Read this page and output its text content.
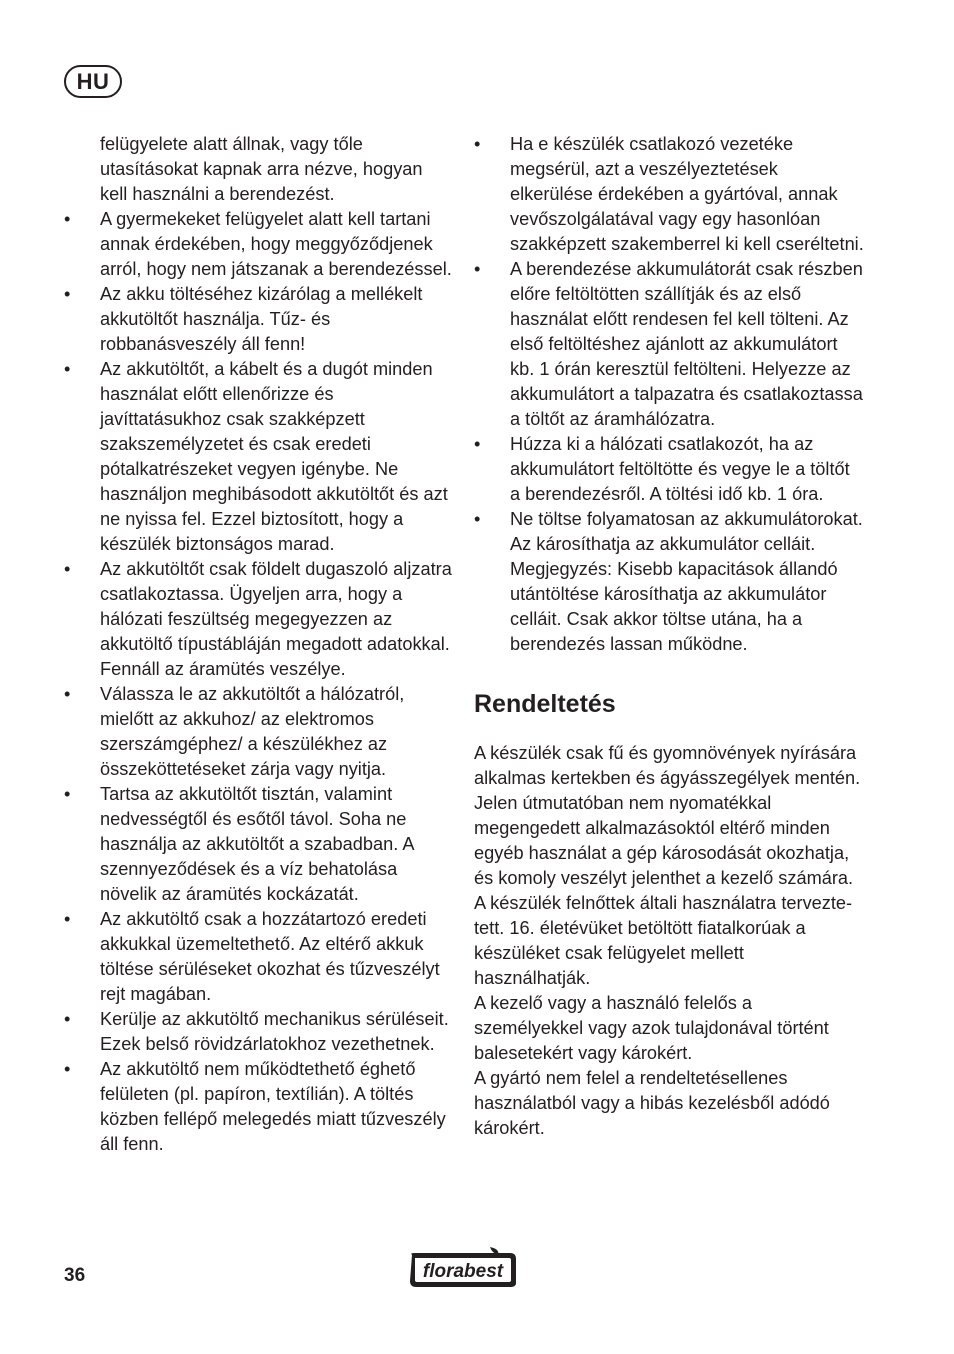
HU

felügyelete alatt állnak, vagy tőle utasításokat kapnak arra nézve, hogyan kell használni a berendezést.

• A gyermekeket felügyelet alatt kell tartani annak érdekében, hogy meggyőződjenek arról, hogy nem játszanak a berendezéssel.

• Az akku töltéséhez kizárólag a mellékelt akkutöltőt használja. Tűz- és robbanásveszély áll fenn!

• Az akkutöltőt, a kábelt és a dugót minden használat előtt ellenőrizze és javíttatásukhoz csak szakképzett szakszemélyzetet és csak eredeti pótalkatrészeket vegyen igénybe. Ne használjon meghibásodott akkutöltőt és azt ne nyissa fel. Ezzel biztosított, hogy a készülék biztonságos marad.

• Az akkutöltőt csak földelt dugaszoló aljzatra csatlakoztassa. Ügyeljen arra, hogy a hálózati feszültség megegyezzen az akkutöltő típustábláján megadott adatokkal. Fennáll az áramütés veszélye.

• Válassza le az akkutöltőt a hálózatról, mielőtt az akkuhoz/ az elektromos szerszámgéphez/ a készülékhez az összeköttetéseket zárja vagy nyitja.

• Tartsa az akkutöltőt tisztán, valamint nedvességtől és esőtől távol. Soha ne használja az akkutöltőt a szabadban. A szennyeződések és a víz behatolása növelik az áramütés kockázatát.

• Az akkutöltő csak a hozzátartozó eredeti akkukkal üzemeltethető. Az eltérő akkuk töltése sérüléseket okozhat és tűzveszélyt rejt magában.

• Kerülje az akkutöltő mechanikus sérüléseit. Ezek belső rövidzárlatokhoz vezethetnek.

• Az akkutöltő nem működtethető éghető felületen (pl. papíron, textílián). A töltés közben fellépő melegedés miatt tűzveszély áll fenn.

• Ha e készülék csatlakozó vezetéke megsérül, azt a veszélyeztetések elkerülése érdekében a gyártóval, annak vevőszolgálatával vagy egy hasonlóan szakképzett szakemberrel ki kell cseréltetni.

• A berendezése akkumulátorát csak részben előre feltöltötten szállítják és az első használat előtt rendesen fel kell tölteni. Az első feltöltéshez ajánlott az akkumulátort kb. 1 órán keresztül feltölteni. Helyezze az akkumulátort a talpazatra és csatlakoztassa a töltőt az áramhálózatra.

• Húzza ki a hálózati csatlakozót, ha az akkumulátort feltöltötte és vegye le a töltőt a berendezésről. A töltési idő kb. 1 óra.

• Ne töltse folyamatosan az akkumulátorokat. Az károsíthatja az akkumulátor celláit. Megjegyzés: Kisebb kapacitások állandó utántöltése károsíthatja az akkumulátor celláit. Csak akkor töltse utána, ha a berendezés lassan működne.

Rendeltetés

A készülék csak fű és gyomnövények nyírására alkalmas kertekben és ágyásszegélyek mentén.

Jelen útmutatóban nem nyomatékkal megengedett alkalmazásoktól eltérő minden egyéb használat a gép károsodását okozhatja, és komoly veszélyt jelenthet a kezelő számára. A készülék felnőttek általi használatra terveztetett. 16. életévüket betöltött fiatalkorúak a készüléket csak felügyelet mellett használhatják.

A kezelő vagy a használó felelős a személyekkel vagy azok tulajdonával történt balesetekért vagy károkért.

A gyártó nem felel a rendeltetésellenes használatból vagy a hibás kezelésből adódó károkért.

36	florabest
